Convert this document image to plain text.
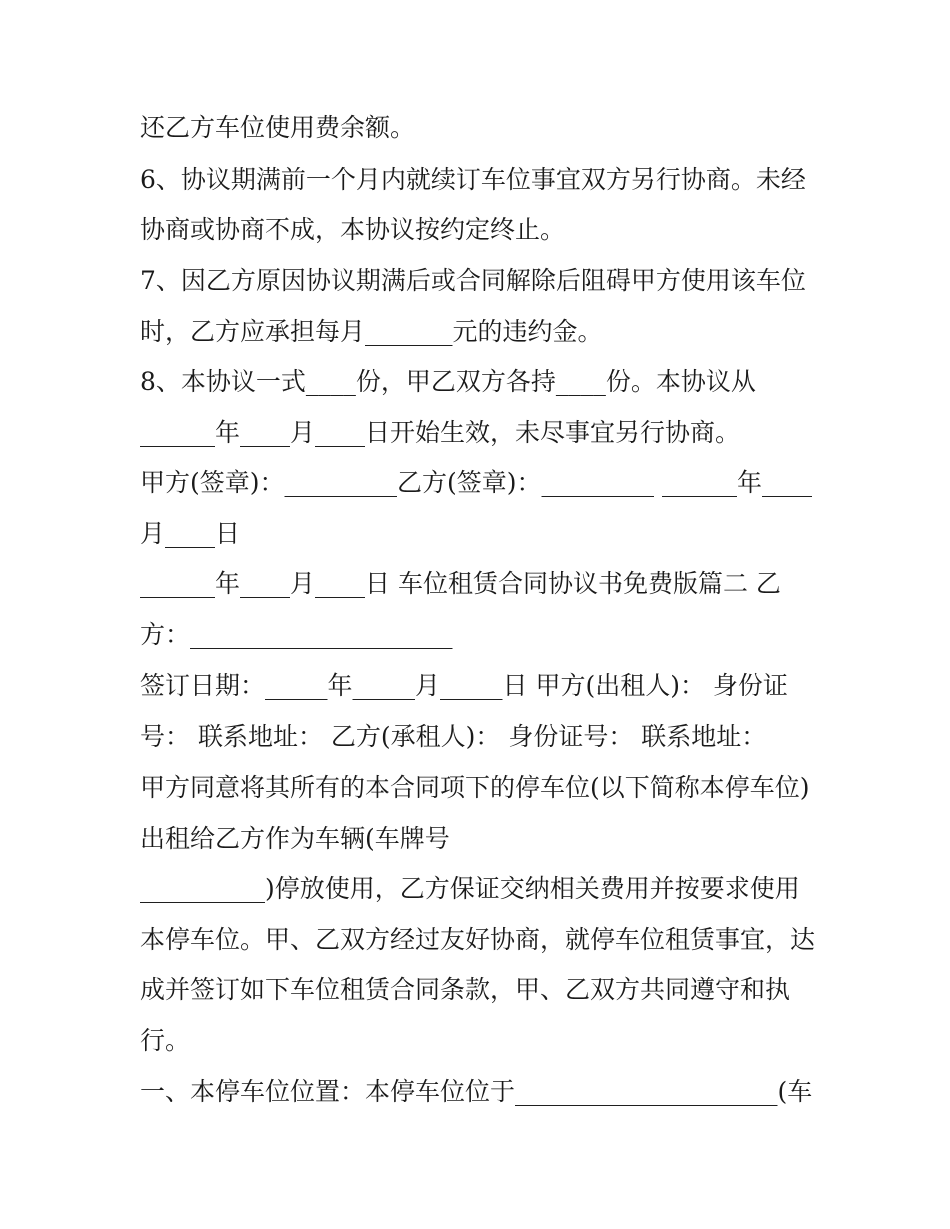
还乙方车位使用费余额。
6、协议期满前一个月内就续订车位事宜双方另行协商。未经
协商或协商不成，本协议按约定终止。
7、因乙方原因协议期满后或合同解除后阻碍甲方使用该车位
时，乙方应承担每月_______元的违约金。
8、本协议一式____份，甲乙双方各持____份。本协议从
______年____月____日开始生效，未尽事宜另行协商。
甲方(签章)：_________乙方(签章)：_________ ______年____
月____日
______年____月____日 车位租赁合同协议书免费版篇二 乙
方：_____________________
签订日期：_____年_____月_____日 甲方(出租人)： 身份证
号： 联系地址： 乙方(承租人)： 身份证号： 联系地址：
甲方同意将其所有的本合同项下的停车位(以下简称本停车位)
出租给乙方作为车辆(车牌号
__________)停放使用，乙方保证交纳相关费用并按要求使用
本停车位。甲、乙双方经过友好协商，就停车位租赁事宜，达
成并签订如下车位租赁合同条款，甲、乙双方共同遵守和执
行。
一、本停车位位置：本停车位位于_____________________(车
